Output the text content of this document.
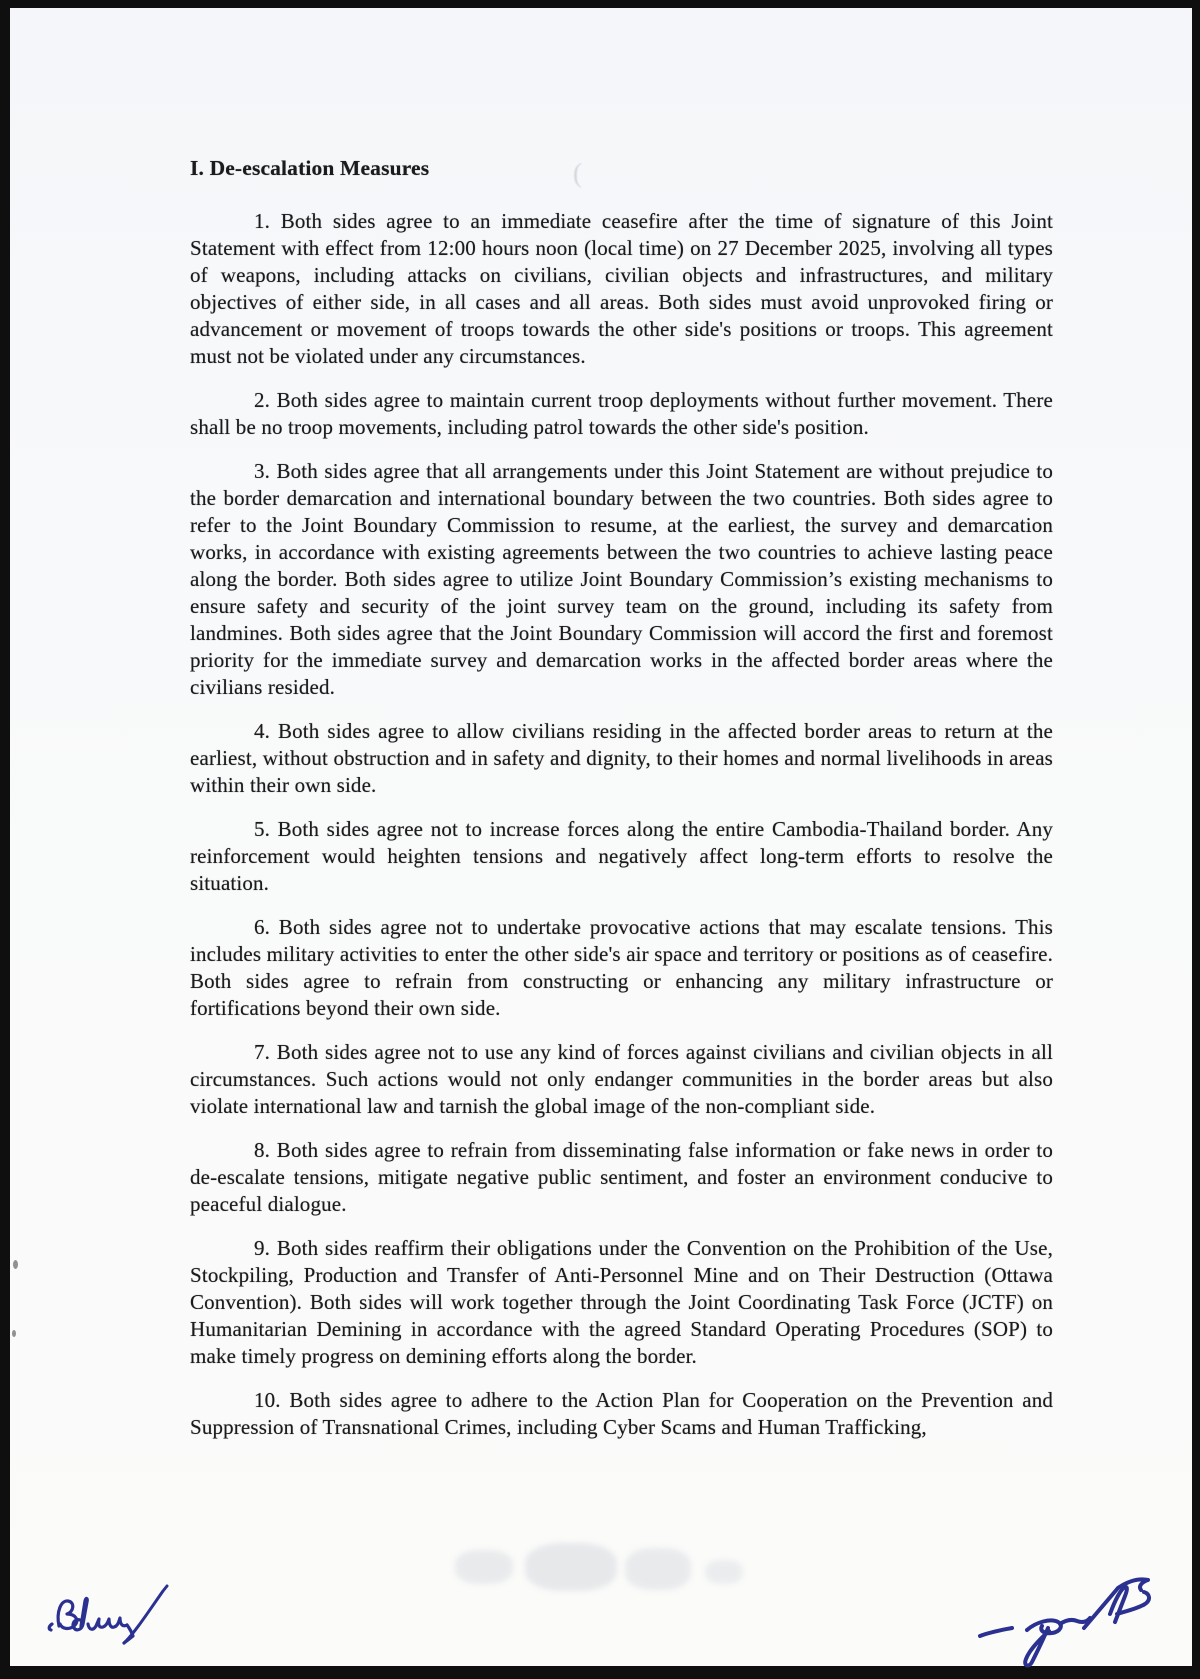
(
I. De-escalation Measures

1. Both sides agree to an immediate ceasefire after the time of signature of this Joint Statement with effect from 12:00 hours noon (local time) on 27 December 2025, involving all types of weapons, including attacks on civilians, civilian objects and infrastructures, and military objectives of either side, in all cases and all areas. Both sides must avoid unprovoked firing or advancement or movement of troops towards the other side's positions or troops. This agreement must not be violated under any circumstances.

2. Both sides agree to maintain current troop deployments without further movement. There shall be no troop movements, including patrol towards the other side's position.

3. Both sides agree that all arrangements under this Joint Statement are without prejudice to the border demarcation and international boundary between the two countries. Both sides agree to refer to the Joint Boundary Commission to resume, at the earliest, the survey and demarcation works, in accordance with existing agreements between the two countries to achieve lasting peace along the border. Both sides agree to utilize Joint Boundary Commission’s existing mechanisms to ensure safety and security of the joint survey team on the ground, including its safety from landmines. Both sides agree that the Joint Boundary Commission will accord the first and foremost priority for the immediate survey and demarcation works in the affected border areas where the civilians resided.

4. Both sides agree to allow civilians residing in the affected border areas to return at the earliest, without obstruction and in safety and dignity, to their homes and normal livelihoods in areas within their own side.

5. Both sides agree not to increase forces along the entire Cambodia-Thailand border. Any reinforcement would heighten tensions and negatively affect long-term efforts to resolve the situation.

6. Both sides agree not to undertake provocative actions that may escalate tensions. This includes military activities to enter the other side's air space and territory or positions as of ceasefire. Both sides agree to refrain from constructing or enhancing any military infrastructure or fortifications beyond their own side.

7. Both sides agree not to use any kind of forces against civilians and civilian objects in all circumstances. Such actions would not only endanger communities in the border areas but also violate international law and tarnish the global image of the non-compliant side.

8. Both sides agree to refrain from disseminating false information or fake news in order to de-escalate tensions, mitigate negative public sentiment, and foster an environment conducive to peaceful dialogue.

9. Both sides reaffirm their obligations under the Convention on the Prohibition of the Use, Stockpiling, Production and Transfer of Anti-Personnel Mine and on Their Destruction (Ottawa Convention). Both sides will work together through the Joint Coordinating Task Force (JCTF) on Humanitarian Demining in accordance with the agreed Standard Operating Procedures (SOP) to make timely progress on demining efforts along the border.

10. Both sides agree to adhere to the Action Plan for Cooperation on the Prevention and Suppression of Transnational Crimes, including Cyber Scams and Human Trafficking,
